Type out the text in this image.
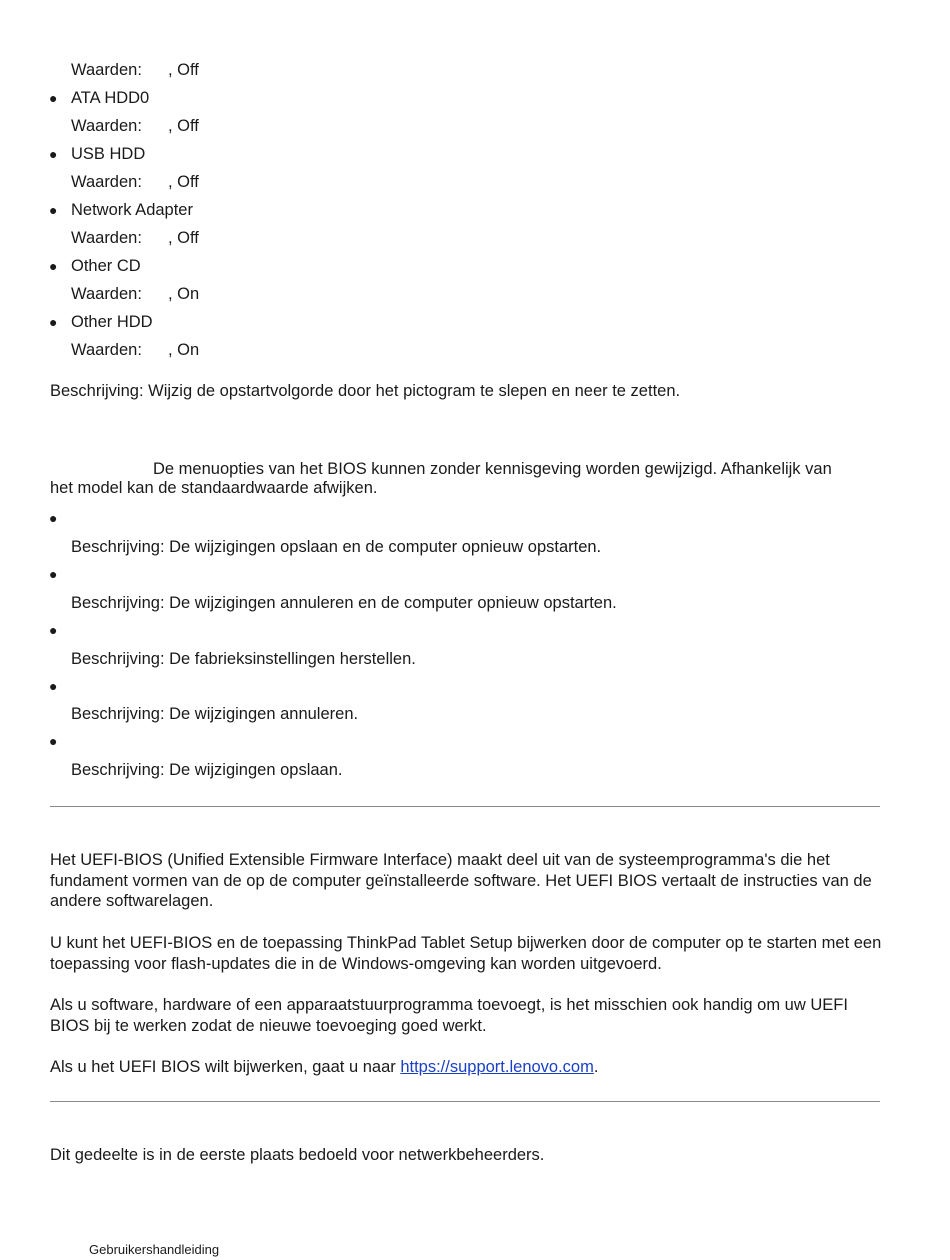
Waarden: , Off
● ATA HDD0
Waarden: , Off
● USB HDD
Waarden: , Off
● Network Adapter
Waarden: , Off
● Other CD
Waarden: , On
● Other HDD
Waarden: , On
Beschrijving: Wijzig de opstartvolgorde door het pictogram te slepen en neer te zetten.
De menuopties van het BIOS kunnen zonder kennisgeving worden gewijzigd. Afhankelijk van
het model kan de standaardwaarde afwijken.
●
Beschrijving: De wijzigingen opslaan en de computer opnieuw opstarten.
●
Beschrijving: De wijzigingen annuleren en de computer opnieuw opstarten.
●
Beschrijving: De fabrieksinstellingen herstellen.
●
Beschrijving: De wijzigingen annuleren.
●
Beschrijving: De wijzigingen opslaan.
Het UEFI-BIOS (Unified Extensible Firmware Interface) maakt deel uit van de systeemprogramma's die het fundament vormen van de op de computer geïnstalleerde software. Het UEFI BIOS vertaalt de instructies van de andere softwarelagen.
U kunt het UEFI-BIOS en de toepassing ThinkPad Tablet Setup bijwerken door de computer op te starten met een toepassing voor flash-updates die in de Windows-omgeving kan worden uitgevoerd.
Als u software, hardware of een apparaatstuurprogramma toevoegt, is het misschien ook handig om uw UEFI BIOS bij te werken zodat de nieuwe toevoeging goed werkt.
Als u het UEFI BIOS wilt bijwerken, gaat u naar https://support.lenovo.com.
Dit gedeelte is in de eerste plaats bedoeld voor netwerkbeheerders.
Gebruikershandleiding
